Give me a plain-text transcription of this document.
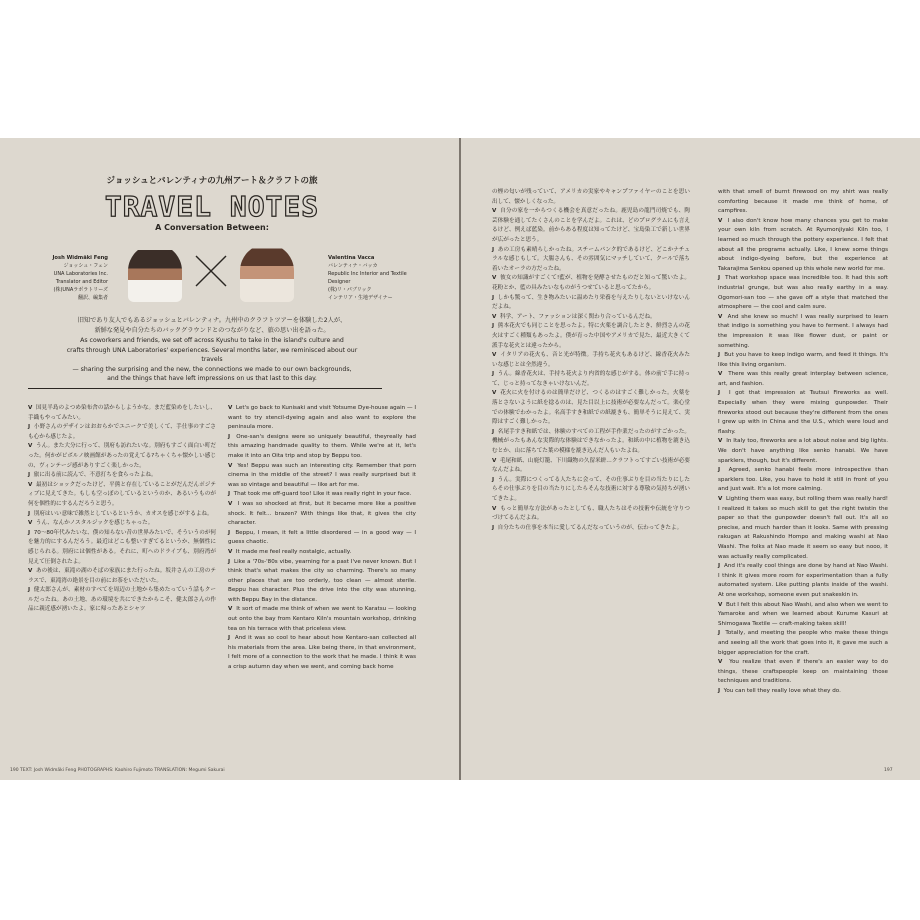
ジョッシュとバレンティナの九州アート＆クラフトの旅
TRAVEL NOTES
A Conversation Between:
Josh Widmäki Feng
ジョッシュ・フェン
UNA Laboratories Inc.
Translator and Editor
(株)UNAラボラトリーズ
翻訳、編集者
Valentina Vacca
バレンティナ・バッカ
Republic Inc Interior and Textile Designer
(株)リ・パブリック
インテリア・生地デザイナー
旧知であり友人でもあるジョッシュとバレンティナ。九州中のクラフトツアーを体験した2人が、
新鮮な発見や自分たちのバックグラウンドとのつながりなど、旅の思い出を語った。
As coworkers and friends, we set off across Kyushu to take in the island's culture and
crafts through UNA Laboratories' experiences. Several months later, we reminisced about our travels
— sharing the surprising and the new, the connections we made to our own backgrounds,
and the things that have left impressions on us that last to this day.

V 国見半島のよつめ染布舎の話からしようかな。まだ藍染めをしたいし、手織もやってみたい。

J 小野さんのデザインはおおらかでユニークで美しくて、手仕事のすごさも心から感じたよ。

V うん。また大分に行って、別府も訪れたいな。別府もすごく面白い町だった。何かがビボルノ映画館があったの覚えてる?ちゃくちゃ懐かしい感じの、ヴィンテージ感がありすごく楽しかった。

J 旅に出る前に読んで、不意打ちを食らったよね。

V 最初はショックだったけど、平熊と存在していることがだんだんポジティブに見えてきた。もしも空っぽのしているというのか、あるいうものが何を個性的にするんだろうと思う。

J 別府はいい意味で雑然としているというか、カオスを感じがするよね。

V うん、なんかノスタルジックを感じちゃった。

J 70〜80年代みたいな、僕の知らない昔の世界みたいで、そういうのが何を魅力的にするんだろう。最近はどこも整いすぎてるというか、無個性に感じられる。別府には個性がある。それに、町へのドライブも、別府湾が見えて圧倒されたよ。

V あの後は、東滝の湖のそばの家族にまた行ったね。坂井さんの工房のテラスで、東滝湾の絶景を目の前にお茶をいただいた。

J 健太郎さんが、素材のすべてを周辺の土地から集めたっていう話もクールだったね。あの土地、あの環境を共にできたからこそ、健太郎さんの作品に親近感が湧いたよ。家に帰ったあとシャツ

V Let's go back to Kunisaki and visit Yotsume Dye-house again — I want to try stencil-dyeing again and also want to explore the peninsula more.

J One-san's designs were so uniquely beautiful, theyreally had this amazing handmade quality to them. While we're at it, let's make it into an Oita trip and stop by Beppu too.

V Yes! Beppu was such an interesting city. Remember that porn cinema in the middle of the street? I was really surprised but it was so vintage and beautiful — like art for me.

J That took me off-guard too! Like it was really right in your face.

V I was so shocked at first, but it became more like a positive shock. It felt... brazen? With things like that, it gives the city character.

J Beppu, I mean, it felt a little disordered — in a good way — I guess chaotic.

V It made me feel really nostalgic, actually.

J Like a '70s-'80s vibe, yearning for a past I've never known. But I think that's what makes the city so charming. There's so many other places that are too orderly, too clean — almost sterile. Beppu has character. Plus the drive into the city was stunning, with Beppu Bay in the distance.

V It sort of made me think of when we went to Karatsu — looking out onto the bay from Kentaro Kiln's mountain workshop, drinking tea on his terrace with that priceless view.

J And it was so cool to hear about how Kentaro-san collected all his materials from the area. Like being there, in that environment, I felt more of a connection to the work that he made. I think it was a crisp autumn day when we went, and coming back home

の煙の匂いが残っていて、アメリカの実家やキャンプファイヤーのことを思い出して、懐かしくなった。

V 自分の家を一からつくる機会を真意だったね。鹿児島の龍門司焼でも、陶芸体験を通してたくさんのことを学んだよ。これは、どのプログラムにも言えるけど、例えば藍染。前からある程度は知ってたけど、宝島染工で新しい世界が広がったと思う。

J あの工房も素晴らしかったね。スチームパンク的であるけど、どこかナチュラルな感じもして。大腸さんも、その雰囲気にマッチしていて、クールで落ち着いたオーラの方だったね。

V 彼女の知識がすごくて!藍が、植物を発酵させたものだと知って驚いたよ。花粉とか、藍の具みたいなものがうつせていると思ってたから。

J しかも驚って、生き物みたいに温めたり栄養を与えたりしないといけないんだよね。

V 科学、アート、ファッションは深く関わり合っているんだね。

J 熊本花火でも同じことを思ったよ。特に火薬を調合したとき、鮮烈さんの花火はすごく種類もあったよ。僕が育った中国やアメリカで見た、最近大きくて派手な花火とは違ったから。

V イタリアの花火も、音と光が特徴。手持ち花火もあるけど、線香花火みたいな感じとは全然違う。

J うん。線香花火は、手持ち花火より内省的な感じがする。体の前で手に持って、じっと持ってなきゃいけないんだ。

V 花火に火を付けるのは簡単だけど、つくるのはすごく難しかった。火薬を落とさないように紙を捻るのは、見た目以上に技術が必要なんだって。楽心堂での体験でわかったよ。名高手すき和紙での紙漉きも、簡単そうに見えて、実際はすごく難しかった。

J 名尾手すき和紙では、体験のすべての工程が手作業だったのがすごかった。機械がったもあんな実際的な体験はできなかったよ。和紙の中に植物を漉き込むとか、山に落ちてた葉の模様を漉き込んだ人もいたよね。

V 毛尾和紙、山鹿灯籠、下川織物の久留米絣…クラフトってすごい技術が必要なんだよね。

J うん。実際につくってる人たちに会って、その仕事ぶりを目の当たりにしたらその仕事ぶりを目の当たりにしたらそんな技術に対する尊敬の気持ちが湧いてきたよ。

V もっと簡単な方法があったとしても、職人たちはその技術や伝統を守りつづけてるんだよね。

J 自分たちの仕事を本当に愛してるんだなっていうのが、伝わってきたよ。

with that smell of burnt firewood on my shirt was really comforting because it made me think of home, of campfires.

V I also don't know how many chances you get to make your own kiln from scratch. At Ryumonjiyaki Kiln too, I learned so much through the pottery experience. I felt that about all the programs actually. Like, I knew some things about indigo-dyeing before, but the experience at Takarajima Senkou opened up this whole new world for me.

J That workshop space was incredible too. It had this soft industrial grunge, but was also really earthy in a way. Ogomori-san too — she gave off a style that matched the atmosphere — the cool and calm sure.

V And she knew so much! I was really surprised to learn that indigo is something you have to ferment. I always had the impression it was like flower dust, or paint or something.

J But you have to keep indigo warm, and feed it things. It's like this living organism.

V There was this really great interplay between science, art, and fashion.

J I got that impression at Tsutsui Fireworks as well. Especially when they were mixing gunpowder. Their fireworks stood out because they're different from the ones I grew up with in China and the U.S., which were loud and flashy.

V In Italy too, fireworks are a lot about noise and big lights. We don't have anything like senko hanabi. We have sparklers, though, but it's different.

J Agreed, senko hanabi feels more introspective than sparklers too. Like, you have to hold it still in front of you and just wait. It's a lot more calming.

V Lighting them was easy, but rolling them was really hard! I realized it takes so much skill to get the right twistin the paper so that the gunpowder doesn't fall out. It's all so precise, and much harder than it looks. Same with pressing rakugan at Rakushindo Hompo and making washi at Nao Washi. The folks at Nao made it seem so easy but nooo, it was actually really complicated.

J And it's really cool things are done by hand at Nao Washi. I think it gives more room for experimentation than a fully automated system. Like putting plants inside of the washi. At one workshop, someone even put snakeskin in.

V But I felt this about Nao Washi, and also when we went to Yamaroke and when we learned about Kurume Kasuri at Shimogawa Textile — craft-making takes skill!

J Totally, and meeting the people who make these things and seeing all the work that goes into it, it gave me such a bigger appreciation for the craft.

V You realize that even if there's an easier way to do things, these craftspeople keep on maintaining those techniques and traditions.

J You can tell they really love what they do.

190 TEXT: Josh Widmäki Feng PHOTOGRAPHS: Kaohiro Fujimoto TRANSLATION: Megumi Sakurai	197
